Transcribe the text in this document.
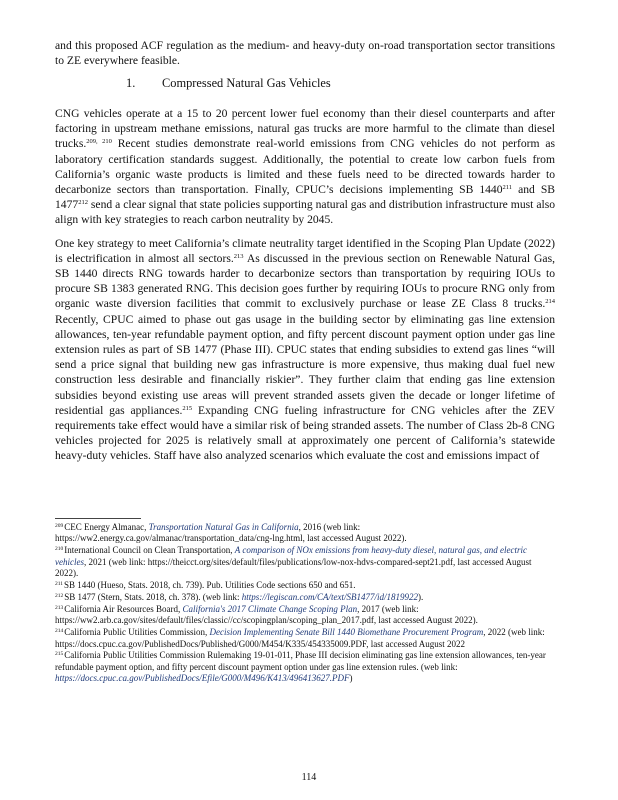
and this proposed ACF regulation as the medium- and heavy-duty on-road transportation sector transitions to ZE everywhere feasible.

1. Compressed Natural Gas Vehicles

CNG vehicles operate at a 15 to 20 percent lower fuel economy than their diesel counterparts and after factoring in upstream methane emissions, natural gas trucks are more harmful to the climate than diesel trucks.$^{209, 210}$ Recent studies demonstrate real-world emissions from CNG vehicles do not perform as laboratory certification standards suggest. Additionally, the potential to create low carbon fuels from California’s organic waste products is limited and these fuels need to be directed towards harder to decarbonize sectors than transportation. Finally, CPUC’s decisions implementing SB 1440$^{211}$ and SB 1477$^{212}$ send a clear signal that state policies supporting natural gas and distribution infrastructure must also align with key strategies to reach carbon neutrality by 2045.

One key strategy to meet California’s climate neutrality target identified in the Scoping Plan Update (2022) is electrification in almost all sectors.$^{213}$ As discussed in the previous section on Renewable Natural Gas, SB 1440 directs RNG towards harder to decarbonize sectors than transportation by requiring IOUs to procure SB 1383 generated RNG. This decision goes further by requiring IOUs to procure RNG only from organic waste diversion facilities that commit to exclusively purchase or lease ZE Class 8 trucks.$^{214}$ Recently, CPUC aimed to phase out gas usage in the building sector by eliminating gas line extension allowances, ten-year refundable payment option, and fifty percent discount payment option under gas line extension rules as part of SB 1477 (Phase III). CPUC states that ending subsidies to extend gas lines “will send a price signal that building new gas infrastructure is more expensive, thus making dual fuel new construction less desirable and financially riskier”. They further claim that ending gas line extension subsidies beyond existing use areas will prevent stranded assets given the decade or longer lifetime of residential gas appliances.$^{215}$ Expanding CNG fueling infrastructure for CNG vehicles after the ZEV requirements take effect would have a similar risk of being stranded assets. The number of Class 2b-8 CNG vehicles projected for 2025 is relatively small at approximately one percent of California’s statewide heavy-duty vehicles. Staff have also analyzed scenarios which evaluate the cost and emissions impact of

$^{209}$CEC Energy Almanac, Transportation Natural Gas in California, 2016 (web link: https://ww2.energy.ca.gov/almanac/transportation_data/cng-lng.html, last accessed August 2022).
$^{210}$International Council on Clean Transportation, A comparison of NOx emissions from heavy-duty diesel, natural gas, and electric vehicles, 2021 (web link: https://theicct.org/sites/default/files/publications/low-nox-hdvs-compared-sept21.pdf, last accessed August 2022).
$^{211}$SB 1440 (Hueso, Stats. 2018, ch. 739). Pub. Utilities Code sections 650 and 651.
$^{212}$SB 1477 (Stern, Stats. 2018, ch. 378). (web link: https://legiscan.com/CA/text/SB1477/id/1819922).
$^{213}$California Air Resources Board, California's 2017 Climate Change Scoping Plan, 2017 (web link: https://ww2.arb.ca.gov/sites/default/files/classic//cc/scopingplan/scoping_plan_2017.pdf, last accessed August 2022).
$^{214}$California Public Utilities Commission, Decision Implementing Senate Bill 1440 Biomethane Procurement Program, 2022 (web link: https://docs.cpuc.ca.gov/PublishedDocs/Published/G000/M454/K335/454335009.PDF, last accessed August 2022
$^{215}$California Public Utilities Commission Rulemaking 19-01-011, Phase III decision eliminating gas line extension allowances, ten-year refundable payment option, and fifty percent discount payment option under gas line extension rules. (web link: https://docs.cpuc.ca.gov/PublishedDocs/Efile/G000/M496/K413/496413627.PDF)
114
